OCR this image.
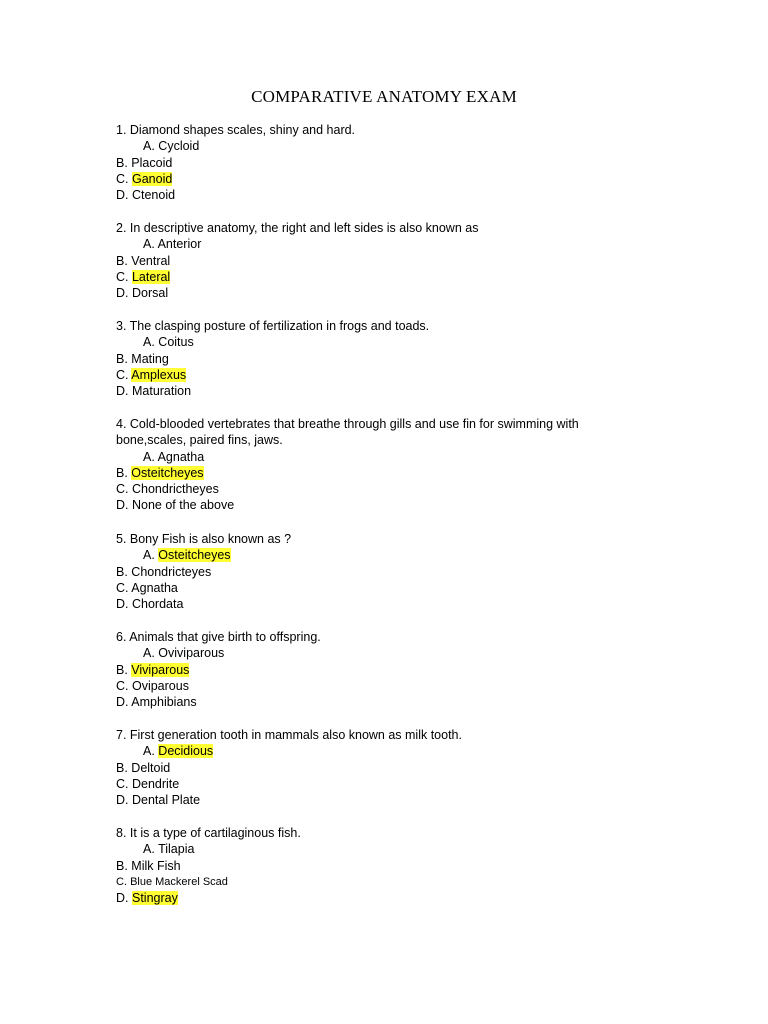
COMPARATIVE ANATOMY EXAM
1. Diamond shapes scales, shiny and hard.
A. Cycloid
B. Placoid
C. Ganoid
D. Ctenoid
2. In descriptive anatomy, the right and left sides is also known as
A. Anterior
B. Ventral
C. Lateral
D. Dorsal
3. The clasping posture of fertilization in frogs and toads.
A. Coitus
B. Mating
C. Amplexus
D. Maturation
4. Cold-blooded vertebrates that breathe through gills and use fin for swimming with bone,scales, paired fins, jaws.
A. Agnatha
B. Osteitcheyes
C. Chondrictheyes
D. None of the above
5. Bony Fish is also known as ?
A. Osteitcheyes
B. Chondricteyes
C. Agnatha
D. Chordata
6. Animals that give birth to offspring.
A. Oviviparous
B. Viviparous
C. Oviparous
D. Amphibians
7. First generation tooth in mammals also known as milk tooth.
A. Decidious
B. Deltoid
C. Dendrite
D. Dental Plate
8. It is a type of cartilaginous fish.
A. Tilapia
B. Milk Fish
C. Blue Mackerel Scad
D. Stingray
